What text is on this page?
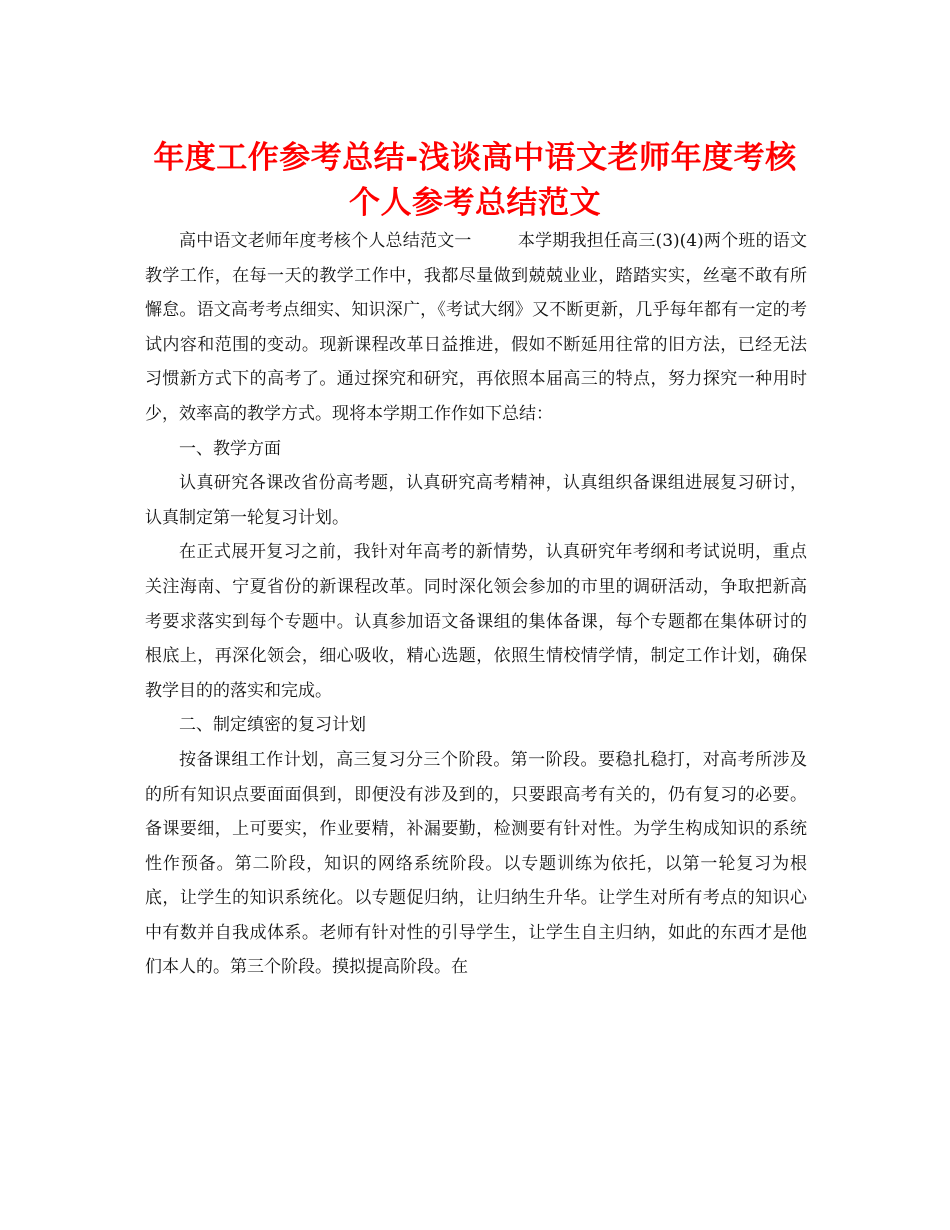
年度工作参考总结-浅谈高中语文老师年度考核
个人参考总结范文

高中语文老师年度考核个人总结范文一	本学期我担任高三(3)(4)两个班的语文教学工作，在每一天的教学工作中，我都尽量做到兢兢业业，踏踏实实，丝毫不敢有所懈怠。语文高考考点细实、知识深广，《考试大纲》又不断更新，几乎每年都有一定的考试内容和范围的变动。现新课程改革日益推进，假如不断延用往常的旧方法，已经无法习惯新方式下的高考了。通过探究和研究，再依照本届高三的特点，努力探究一种用时少，效率高的教学方式。现将本学期工作作如下总结：

一、教学方面

认真研究各课改省份高考题，认真研究高考精神，认真组织备课组进展复习研讨，认真制定第一轮复习计划。

在正式展开复习之前，我针对年高考的新情势，认真研究年考纲和考试说明，重点关注海南、宁夏省份的新课程改革。同时深化领会参加的市里的调研活动，争取把新高考要求落实到每个专题中。认真参加语文备课组的集体备课，每个专题都在集体研讨的根底上，再深化领会，细心吸收，精心选题，依照生情校情学情，制定工作计划，确保教学目的的落实和完成。

二、制定缜密的复习计划

按备课组工作计划，高三复习分三个阶段。第一阶段。要稳扎稳打，对高考所涉及的所有知识点要面面俱到，即便没有涉及到的，只要跟高考有关的，仍有复习的必要。备课要细，上可要实，作业要精，补漏要勤，检测要有针对性。为学生构成知识的系统性作预备。第二阶段，知识的网络系统阶段。以专题训练为依托，以第一轮复习为根底，让学生的知识系统化。以专题促归纳，让归纳生升华。让学生对所有考点的知识心中有数并自我成体系。老师有针对性的引导学生，让学生自主归纳，如此的东西才是他们本人的。第三个阶段。摸拟提高阶段。在
